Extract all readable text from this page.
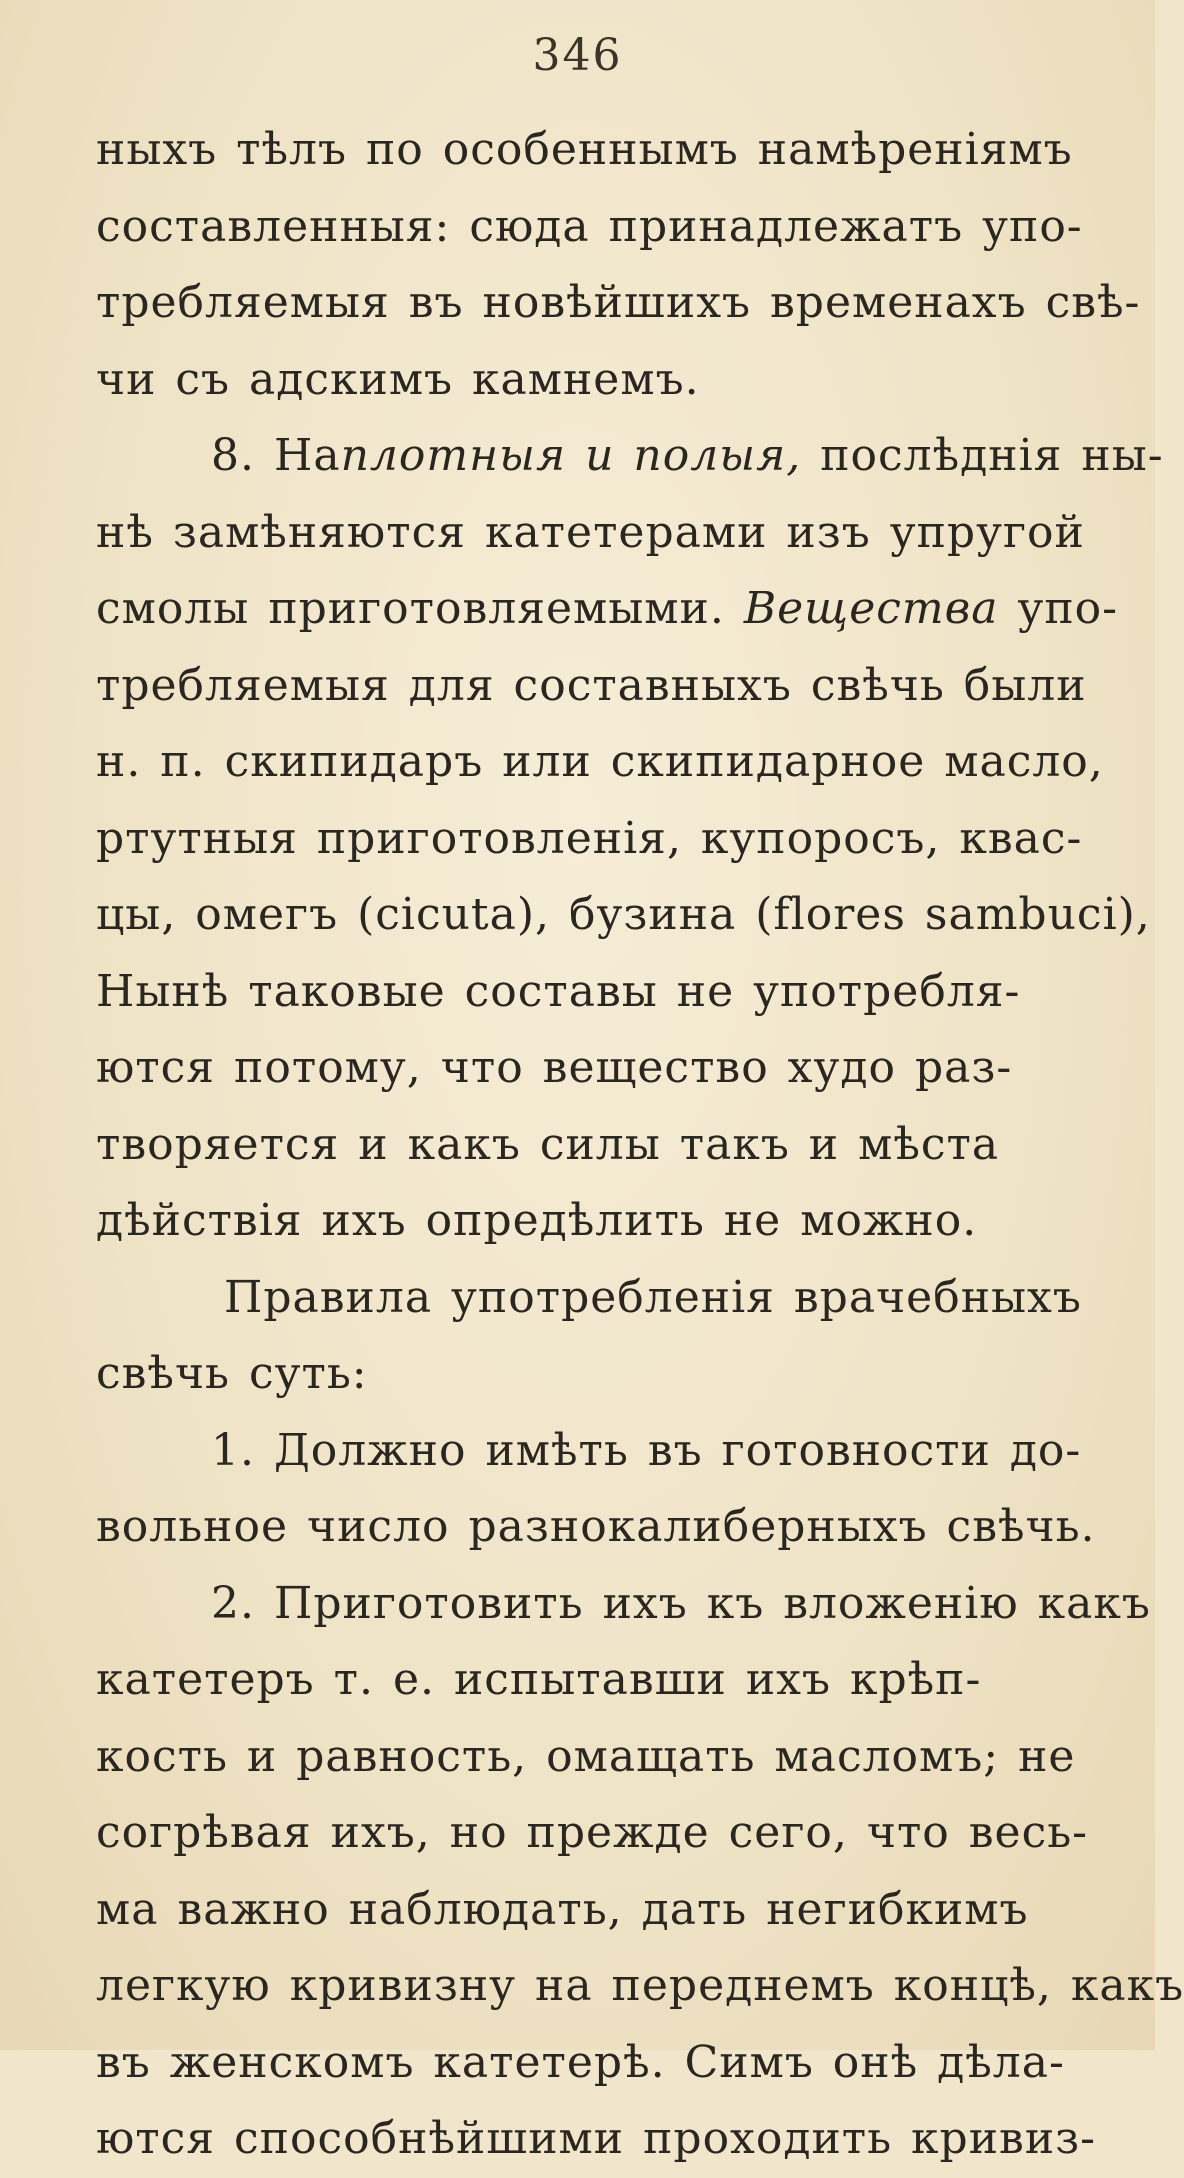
346
ныхъ тѣлъ по особеннымъ намѣреніямъ
составленныя: сюда принадлежатъ упо-
требляемыя въ новѣйшихъ временахъ свѣ-
чи съ адскимъ камнемъ.
8. Наплотныя и полыя, послѣднія ны-
нѣ замѣняются катетерами изъ упругой
смолы приготовляемыми. Вещества упо-
требляемыя для составныхъ свѣчь были
н. п. скипидаръ или скипидарное масло,
ртутныя приготовленія, купоросъ, квас-
цы, омегъ (cicuta), бузина (flores sambuci),
Нынѣ таковые составы не употребля-
ются потому, что вещество худо раз-
творяется и какъ силы такъ и мѣста
дѣйствія ихъ опредѣлить не можно.
Правила употребленія врачебныхъ
свѣчь суть:
1. Должно имѣть въ готовности до-
вольное число разнокалиберныхъ свѣчь.
2. Приготовить ихъ къ вложенію какъ
катетеръ т. е. испытавши ихъ крѣп-
кость и равность, омащать масломъ; не
согрѣвая ихъ, но прежде сего, что весь-
ма важно наблюдать, дать негибкимъ
легкую кривизну на переднемъ концѣ, какъ
въ женскомъ катетерѣ. Симъ онѣ дѣла-
ются способнѣйшими проходить кривиз-
